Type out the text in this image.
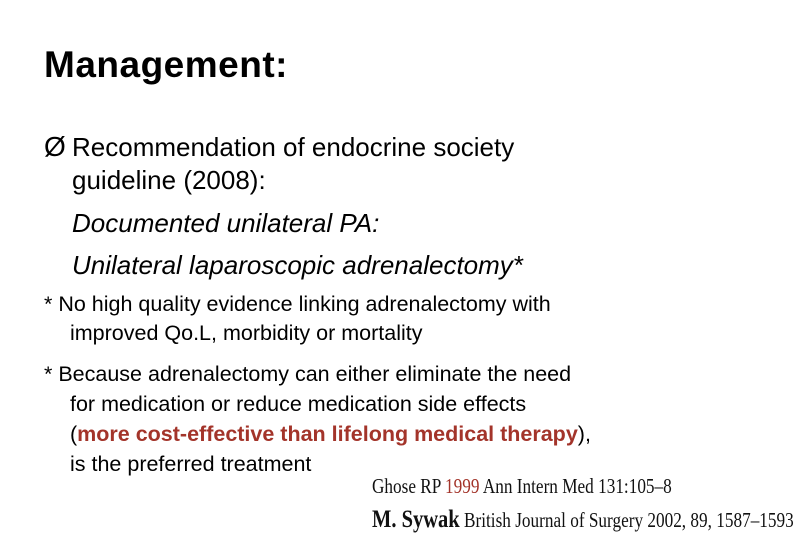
Management:
Ø Recommendation of endocrine society
guideline (2008):
Documented unilateral PA:
Unilateral laparoscopic adrenalectomy*
* No high quality evidence linking adrenalectomy with
improved Qo.L, morbidity or mortality
* Because adrenalectomy can either eliminate the need
for medication or reduce medication side effects
(more cost-effective than lifelong medical therapy),
is the preferred treatment
Ghose RP 1999 Ann Intern Med 131:105–8
M. Sywak British Journal of Surgery 2002, 89, 1587–1593
